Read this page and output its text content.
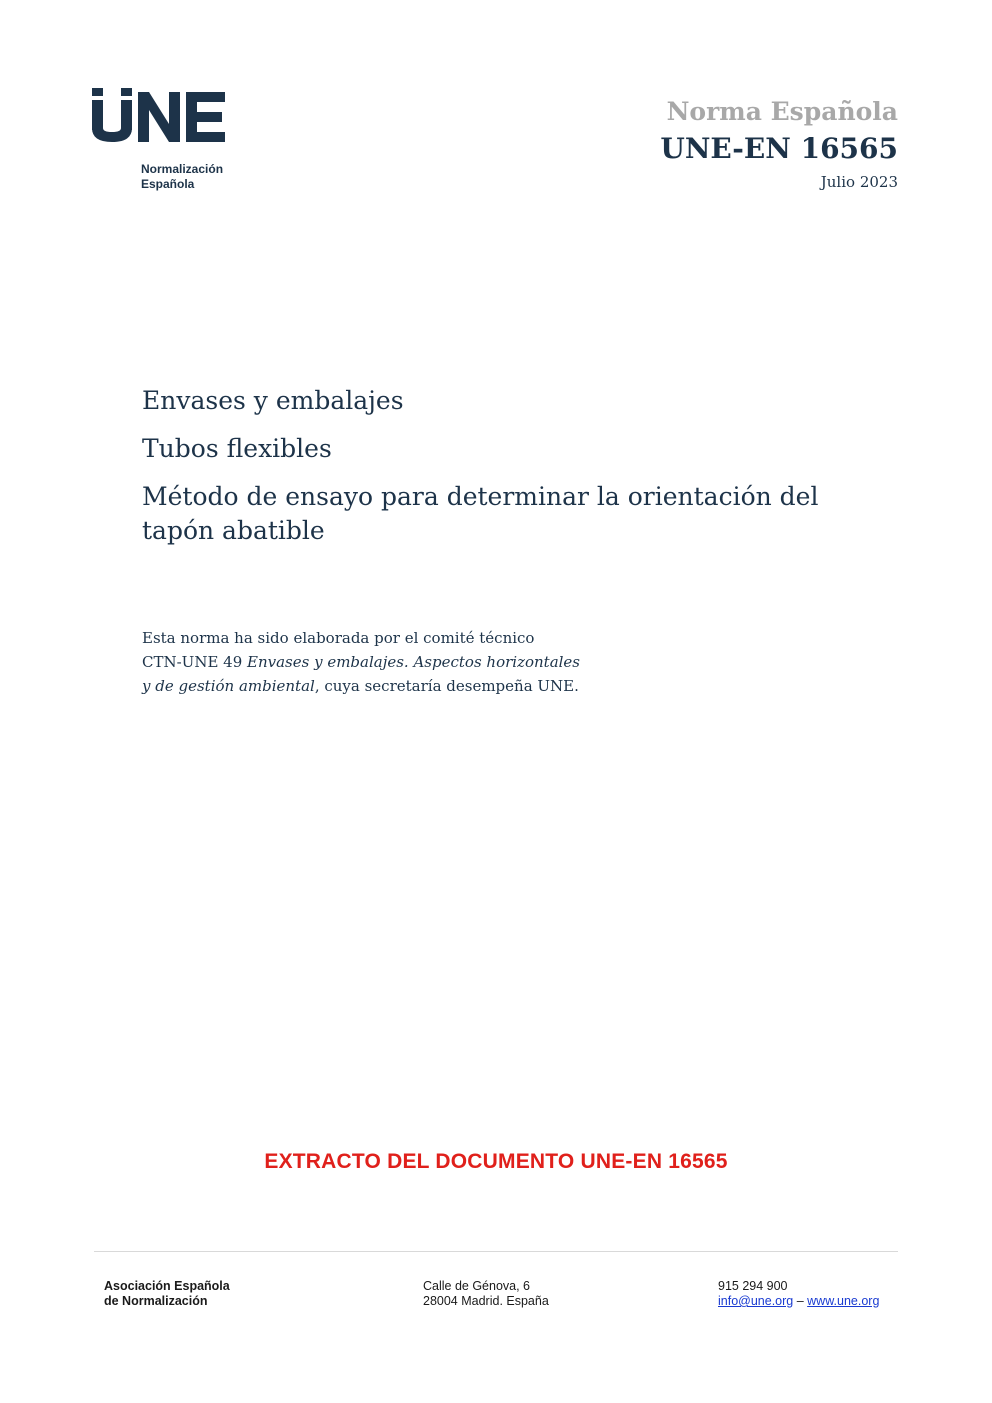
Normalización
Española
Norma Española
UNE-EN 16565
Julio 2023
Envases y embalajes
Tubos flexibles
Método de ensayo para determinar la orientación del tapón abatible
Esta norma ha sido elaborada por el comité técnico
CTN-UNE 49 Envases y embalajes. Aspectos horizontales
y de gestión ambiental, cuya secretaría desempeña UNE.
EXTRACTO DEL DOCUMENTO UNE-EN 16565
Asociación Española
de Normalización
Calle de Génova, 6
28004 Madrid. España
915 294 900
info@une.org – www.une.org
